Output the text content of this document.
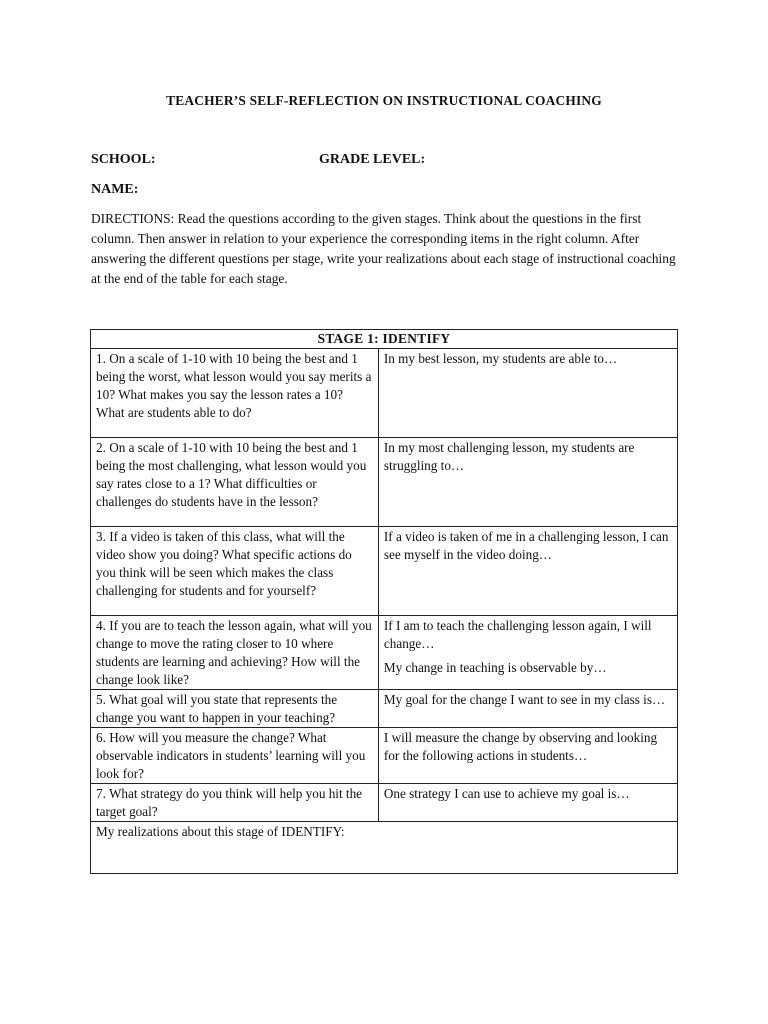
TEACHER’S SELF-REFLECTION ON INSTRUCTIONAL COACHING
SCHOOL:	GRADE LEVEL:
NAME:
DIRECTIONS: Read the questions according to the given stages. Think about the questions in the first column. Then answer in relation to your experience the corresponding items in the right column. After answering the different questions per stage, write your realizations about each stage of instructional coaching at the end of the table for each stage.
STAGE 1: IDENTIFY	
1. On a scale of 1-10 with 10 being the best and 1 being the worst, what lesson would you say merits a 10? What makes you say the lesson rates a 10? What are students able to do?	In my best lesson, my students are able to…
2. On a scale of 1-10 with 10 being the best and 1 being the most challenging, what lesson would you say rates close to a 1? What difficulties or challenges do students have in the lesson?	In my most challenging lesson, my students are struggling to…
3. If a video is taken of this class, what will the video show you doing? What specific actions do you think will be seen which makes the class challenging for students and for yourself?	If a video is taken of me in a challenging lesson, I can see myself in the video doing…
4. If you are to teach the lesson again, what will you change to move the rating closer to 10 where students are learning and achieving? How will the change look like?	If I am to teach the challenging lesson again, I will change…
My change in teaching is observable by…

5. What goal will you state that represents the change you want to happen in your teaching?	My goal for the change I want to see in my class is…
6. How will you measure the change? What observable indicators in students’ learning will you look for?	I will measure the change by observing and looking for the following actions in students…
7. What strategy do you think will help you hit the target goal?	One strategy I can use to achieve my goal is…
My realizations about this stage of IDENTIFY:	
